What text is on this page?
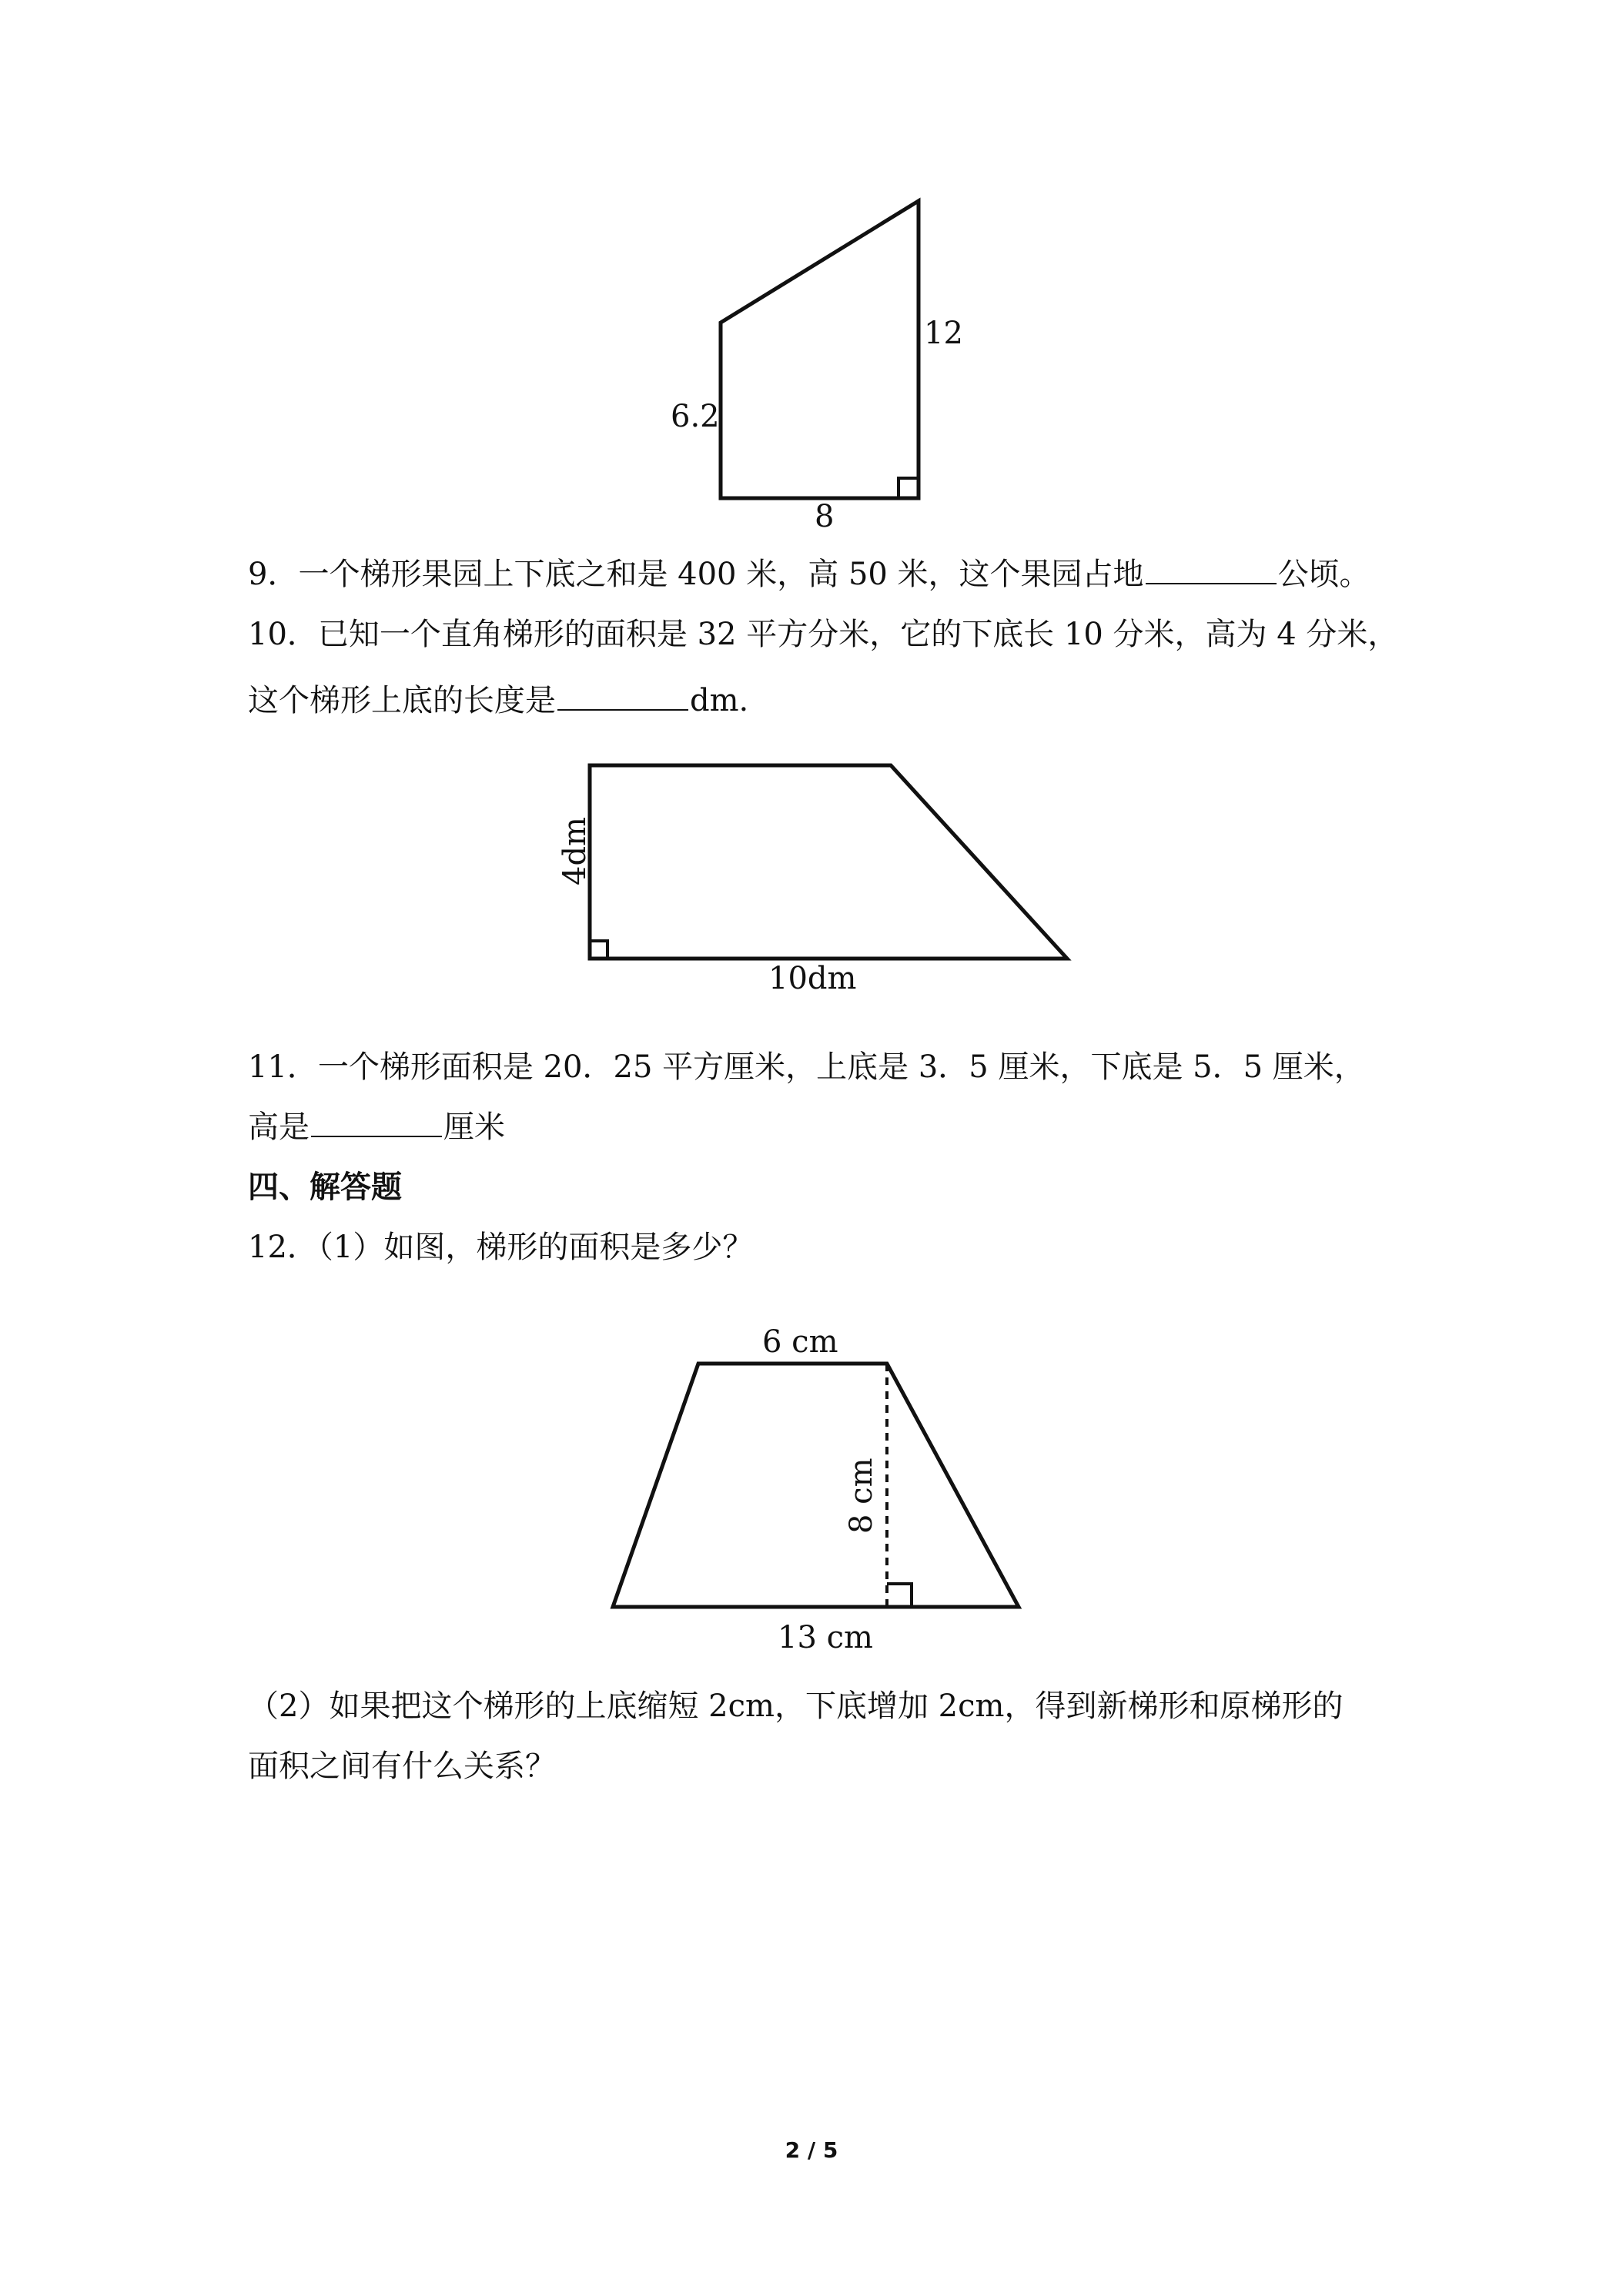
6.2
12
8
4dm
10dm
6 cm
8 cm
13 cm
9．一个梯形果园上下底之和是 400 米，高 50 米，这个果园占地	公顷。
10．已知一个直角梯形的面积是 32 平方分米，它的下底长 10 分米，高为 4 分米，
这个梯形上底的长度是	dm.
11．一个梯形面积是 20．25 平方厘米，上底是 3．5 厘米，下底是 5．5 厘米，
高是	厘米
四、解答题
12．（1）如图，梯形的面积是多少？
（2）如果把这个梯形的上底缩短 2cm，下底增加 2cm，得到新梯形和原梯形的
面积之间有什么关系？
2 / 5
